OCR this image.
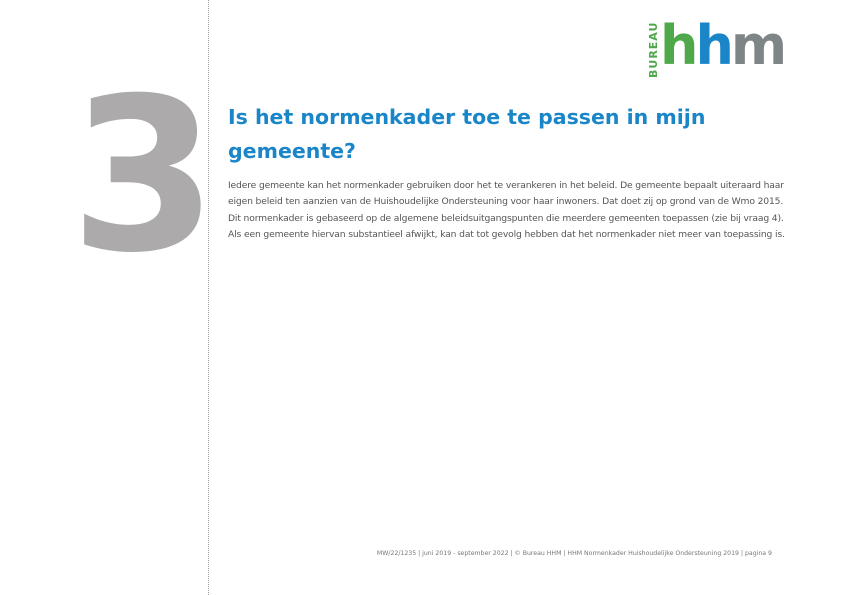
3
BUREAU hhm
Is het normenkader toe te passen in mijn gemeente?

Iedere gemeente kan het normenkader gebruiken door het te verankeren in het beleid. De gemeente bepaalt uiteraard haar eigen beleid ten aanzien van de Huishoudelijke Ondersteuning voor haar inwoners. Dat doet zij op grond van de Wmo 2015. Dit normenkader is gebaseerd op de algemene beleidsuitgangspunten die meerdere gemeenten toepassen (zie bij vraag 4). Als een gemeente hiervan substantieel afwijkt, kan dat tot gevolg hebben dat het normenkader niet meer van toepassing is.

MW/22/1235 | juni 2019 - september 2022 | © Bureau HHM | HHM Normenkader Huishoudelijke Ondersteuning 2019 | pagina 9
